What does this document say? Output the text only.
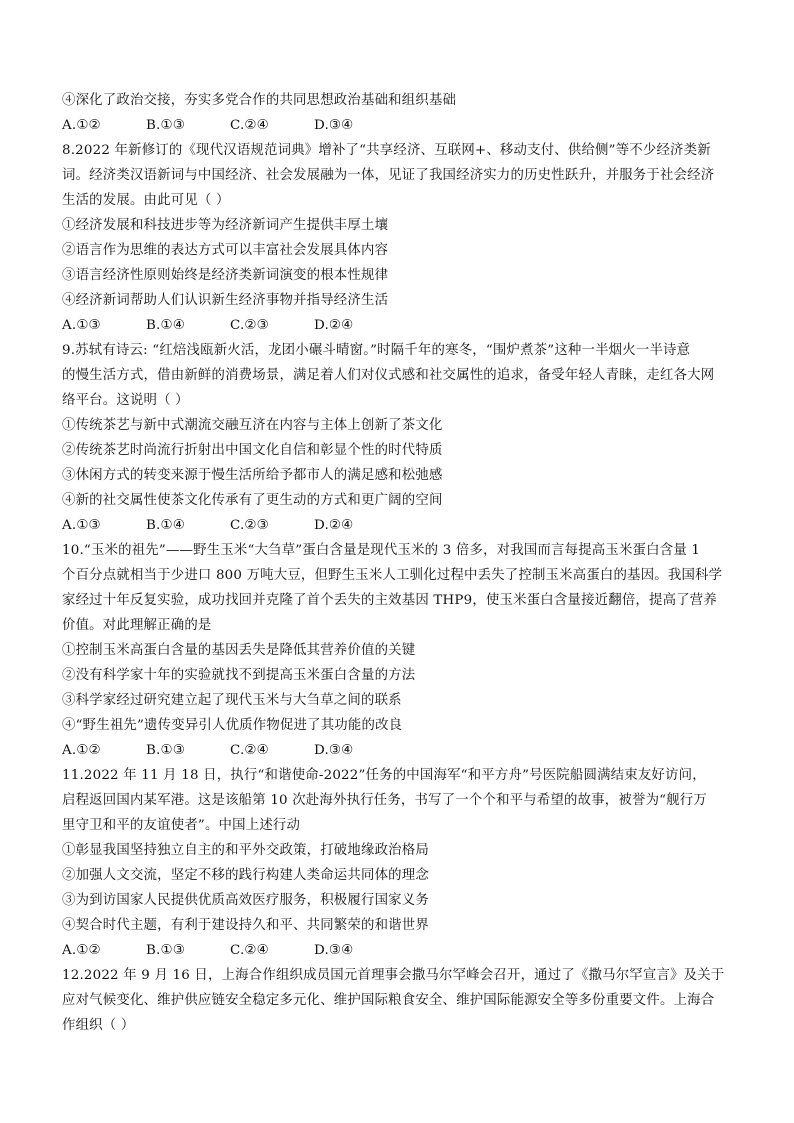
④深化了政治交接，夯实多党合作的共同思想政治基础和组织基础
A.①②	B.①③	C.②④	D.③④
8.2022 年新修订的《现代汉语规范词典》增补了“共享经济、互联网+、移动支付、供给侧”等不少经济类新
词。经济类汉语新词与中国经济、社会发展融为一体，见证了我国经济实力的历史性跃升，并服务于社会经济
生活的发展。由此可见（ ）
①经济发展和科技进步等为经济新词产生提供丰厚土壤
②语言作为思维的表达方式可以丰富社会发展具体内容
③语言经济性原则始终是经济类新词演变的根本性规律
④经济新词帮助人们认识新生经济事物并指导经济生活
A.①③	B.①④	C.②③	D.②④
9.苏轼有诗云: “红焙浅瓯新火活，龙团小碾斗晴窗。”时隔千年的寒冬，“围炉煮茶”这种一半烟火一半诗意
的慢生活方式，借由新鲜的消费场景，满足着人们对仪式感和社交属性的追求，备受年轻人青睐，走红各大网
络平台。这说明（ ）
①传统茶艺与新中式潮流交融互济在内容与主体上创新了茶文化
②传统茶艺时尚流行折射出中国文化自信和彰显个性的时代特质
③休闲方式的转变来源于慢生活所给予都市人的满足感和松弛感
④新的社交属性使茶文化传承有了更生动的方式和更广阔的空间
A.①③	B.①④	C.②③	D.②④
10.“玉米的祖先”——野生玉米“大刍草”蛋白含量是现代玉米的 3 倍多，对我国而言每提高玉米蛋白含量 1
个百分点就相当于少进口 800 万吨大豆，但野生玉米人工驯化过程中丢失了控制玉米高蛋白的基因。我国科学
家经过十年反复实验，成功找回并克隆了首个丢失的主效基因 THP9，使玉米蛋白含量接近翻倍，提高了营养
价值。对此理解正确的是
①控制玉米高蛋白含量的基因丢失是降低其营养价值的关键
②没有科学家十年的实验就找不到提高玉米蛋白含量的方法
③科学家经过研究建立起了现代玉米与大刍草之间的联系
④“野生祖先”遗传变异引人优质作物促进了其功能的改良
A.①②	B.①③	C.②④	D.③④
11.2022 年 11 月 18 日，执行“和谐使命-2022”任务的中国海军“和平方舟”号医院船圆满结束友好访问，
启程返回国内某军港。这是该船第 10 次赴海外执行任务，书写了一个个和平与希望的故事，被誉为“舰行万
里守卫和平的友谊使者”。中国上述行动
①彰显我国坚持独立自主的和平外交政策，打破地缘政治格局
②加强人文交流，坚定不移的践行构建人类命运共同体的理念
③为到访国家人民提供优质高效医疗服务，积极履行国家义务
④契合时代主题，有利于建设持久和平、共同繁荣的和谐世界
A.①②	B.①③	C.②④	D.③④
12.2022 年 9 月 16 日，上海合作组织成员国元首理事会撒马尔罕峰会召开，通过了《撒马尔罕宣言》及关于
应对气候变化、维护供应链安全稳定多元化、维护国际粮食安全、维护国际能源安全等多份重要文件。上海合
作组织（ ）
